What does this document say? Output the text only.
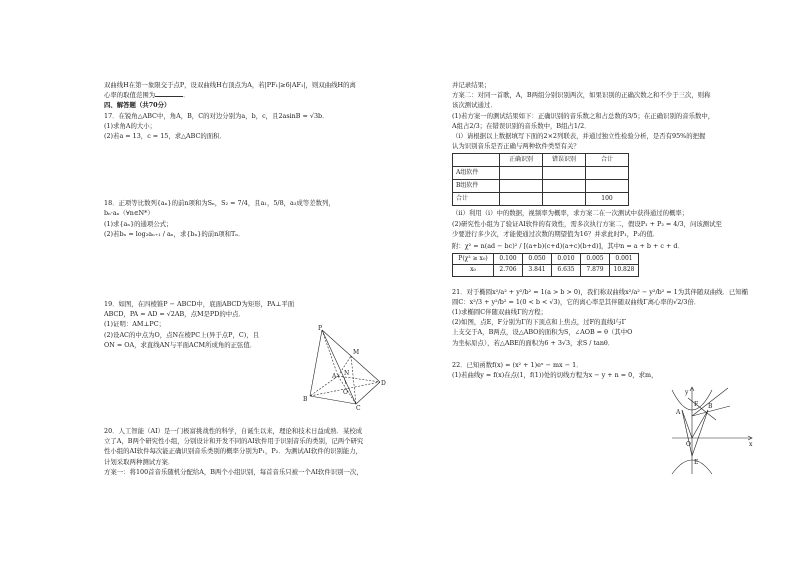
双曲线H在第一象限交于点P，设双曲线H右顶点为A，若|PF₁|≥6|AF₁|，则双曲线H的离

心率的取值范围为	．

四、解答题（共70分）

17．在锐角△ABC中，角A，B，C的对边分别为a，b，c，且2asinB = √3b．

(1)求角A的大小；

(2)若a = 13，c = 15，求△ABC的面积．

18．正项等比数列{aₙ}的前n项和为Sₙ，S₂ = 7/4，且a₁，5/8，a₃成等差数列，

bₙ·aₙ（∀n∈N*）

(1)求{aₙ}的通项公式；

(2)若bₙ = log₂aₙ₊₁ / aₙ，求{bₙ}的前n项和Tₙ．

19．如图，在四棱锥P − ABCD中，底面ABCD为矩形，PA⊥平面

ABCD，PA = AD = √2AB，点M是PD的中点．

(1)证明：AM⊥PC；

(2)设AC的中点为O，点N在棱PC上(异于点P，C)，且

ON = OA，求直线AN与平面ACM所成角的正弦值．

20．人工智能（AI）是一门极富挑战性的科学，自诞生以来，理论和技术日益成熟．某校成

立了A，B两个研究性小组，分别设计和开发不同的AI软件用于识别音乐的类别，记两个研究

性小组的AI软件每次能正确识别音乐类别的概率分别为P₁，P₂．为测试AI软件的识别能力，

计划采取两种测试方案．

方案一：将100首音乐随机分配给A，B两个小组识别，每首音乐只被一个AI软件识别一次，

P
M
N
D
A
O
B
C

并记录结果；

方案二：对同一首歌，A，B两组分别识别两次，如果识别的正确次数之和不少于三次，则称

该次测试通过．

(1)若方案一的测试结果如下：正确识别的音乐数之和占总数的3/5；在正确识别的音乐数中，

A组占2/3；在错误识别的音乐数中，B组占1/2．

（i）请根据以上数据填写下面的2×2列联表，并通过独立性检验分析，是否有95%的把握

认为识别音乐是否正确与两种软件类型有关？

	正确识别	错误识别	合计
A组软件			
B组软件			
合计			100

（ii）利用（i）中的数据，视频率为概率，求方案二在一次测试中获得通过的概率；

(2)研究性小组为了验证AI软件的有效性，需多次执行方案二，假设P₁ + P₂ = 4/3，问该测试至

少要进行多少次，才能使通过次数的期望值为16？并求此时P₁，P₂的值．

附：χ² = n(ad − bc)² / [(a+b)(c+d)(a+c)(b+d)]，其中n = a + b + c + d．

P(χ² ≥ x₀)	0.100	0.050	0.010	0.005	0.001
x₀	2.706	3.841	6.635	7.879	10.828

21．对于椭圆x²/a² + y²/b² = 1(a > b > 0)，我们称双曲线x²/a² − y²/b² = 1为其伴随双曲线．已知椭

圆C：x²/3 + y²/b² = 1(0 < b < √3)，它的离心率是其伴随双曲线Γ离心率的√2/3倍．

(1)求椭圆C伴随双曲线Γ的方程；

(2)如图，点E，F分别为Γ的下顶点和上焦点，过F的直线l与Γ

上支交于A，B两点，设△ABO的面积为S，∠AOB = θ（其中O

为坐标原点），若△ABE的面积为6 + 3√3，求S / tanθ．

22．已知函数f(x) = (x² + 1)eˣ − mx − 1．

(1)若曲线y = f(x)在点(1，f(1))处的切线方程为x − y + n = 0，求m，

y
F
A
B
O	x
E
